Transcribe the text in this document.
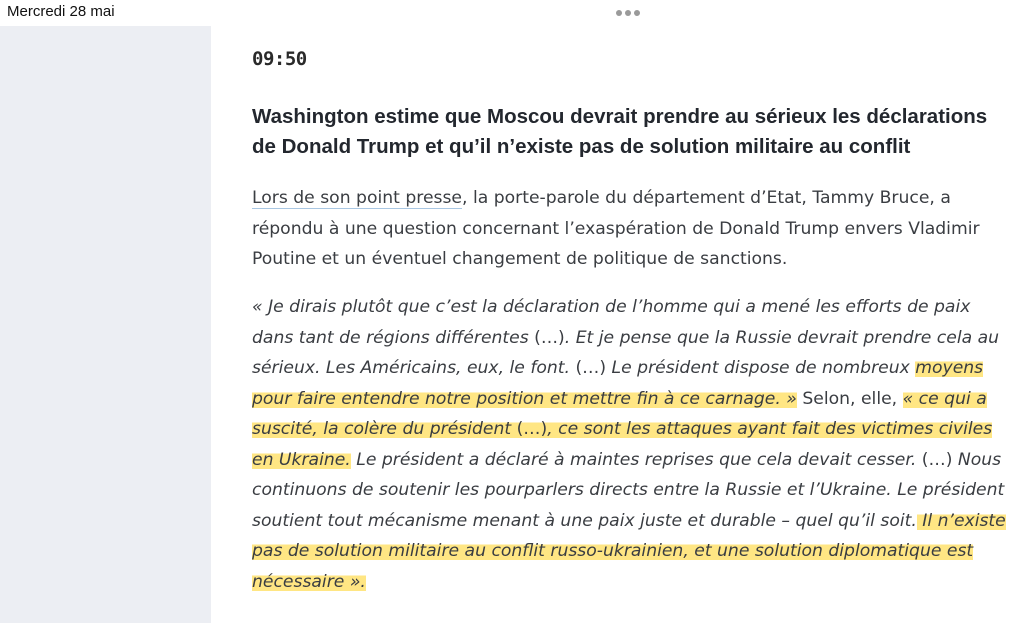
Mercredi 28 mai
09:50
Washington estime que Moscou devrait prendre au sérieux les déclarations de Donald Trump et qu’il n’existe pas de solution militaire au conflit
Lors de son point presse, la porte-parole du département d’Etat, Tammy Bruce, a répondu à une question concernant l’exaspération de Donald Trump envers Vladimir Poutine et un éventuel changement de politique de sanctions.
« Je dirais plutôt que c’est la déclaration de l’homme qui a mené les efforts de paix dans tant de régions différentes (…). Et je pense que la Russie devrait prendre cela au sérieux. Les Américains, eux, le font. (…) Le président dispose de nombreux moyens pour faire entendre notre position et mettre fin à ce carnage. » Selon, elle, « ce qui a suscité, la colère du président (…), ce sont les attaques ayant fait des victimes civiles en Ukraine. Le président a déclaré à maintes reprises que cela devait cesser. (…) Nous continuons de soutenir les pourparlers directs entre la Russie et l’Ukraine. Le président soutient tout mécanisme menant à une paix juste et durable – quel qu’il soit. Il n’existe pas de solution militaire au conflit russo-ukrainien, et une solution diplomatique est nécessaire ».
